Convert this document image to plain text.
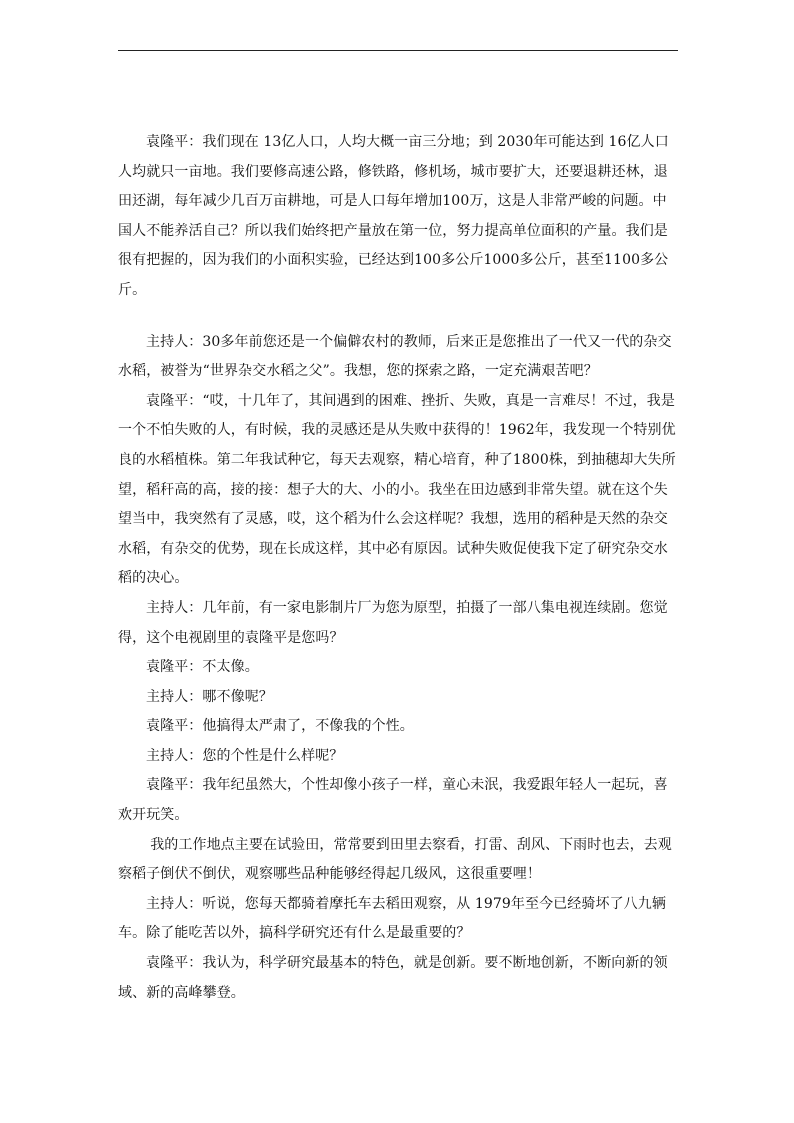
袁隆平：我们现在 13亿人口，人均大概一亩三分地；到 2030年可能达到 16亿人口人均就只一亩地。我们要修高速公路，修铁路，修机场，城市要扩大，还要退耕还林，退田还湖，每年减少几百万亩耕地，可是人口每年增加100万，这是人非常严峻的问题。中国人不能养活自己？所以我们始终把产量放在第一位，努力提高单位面积的产量。我们是很有把握的，因为我们的小面积实验，已经达到100多公斤1000多公斤，甚至1100多公斤。

主持人：30多年前您还是一个偏僻农村的教师，后来正是您推出了一代又一代的杂交水稻，被誉为“世界杂交水稻之父”。我想，您的探索之路，一定充满艰苦吧？

袁隆平：“哎，十几年了，其间遇到的困难、挫折、失败，真是一言难尽！不过，我是一个不怕失败的人，有时候，我的灵感还是从失败中获得的！1962年，我发现一个特别优良的水稻植株。第二年我试种它，每天去观察，精心培育，种了1800株，到抽穗却大失所望，稻秆高的高，接的接：想子大的大、小的小。我坐在田边感到非常失望。就在这个失望当中，我突然有了灵感，哎，这个稻为什么会这样呢？我想，选用的稻种是天然的杂交水稻，有杂交的优势，现在长成这样，其中必有原因。试种失败促使我下定了研究杂交水稻的决心。

主持人：几年前，有一家电影制片厂为您为原型，拍摄了一部八集电视连续剧。您觉得，这个电视剧里的袁隆平是您吗？

袁隆平：不太像。

主持人：哪不像呢？

袁隆平：他搞得太严肃了，不像我的个性。

主持人：您的个性是什么样呢？

袁隆平：我年纪虽然大，个性却像小孩子一样，童心未泯，我爱跟年轻人一起玩，喜欢开玩笑。

我的工作地点主要在试验田，常常要到田里去察看，打雷、刮风、下雨时也去，去观察稻子倒伏不倒伏，观察哪些品种能够经得起几级风，这很重要哩！

主持人：听说，您每天都骑着摩托车去稻田观察，从 1979年至今已经骑坏了八九辆车。除了能吃苦以外，搞科学研究还有什么是最重要的？

袁隆平：我认为，科学研究最基本的特色，就是创新。要不断地创新，不断向新的领域、新的高峰攀登。
